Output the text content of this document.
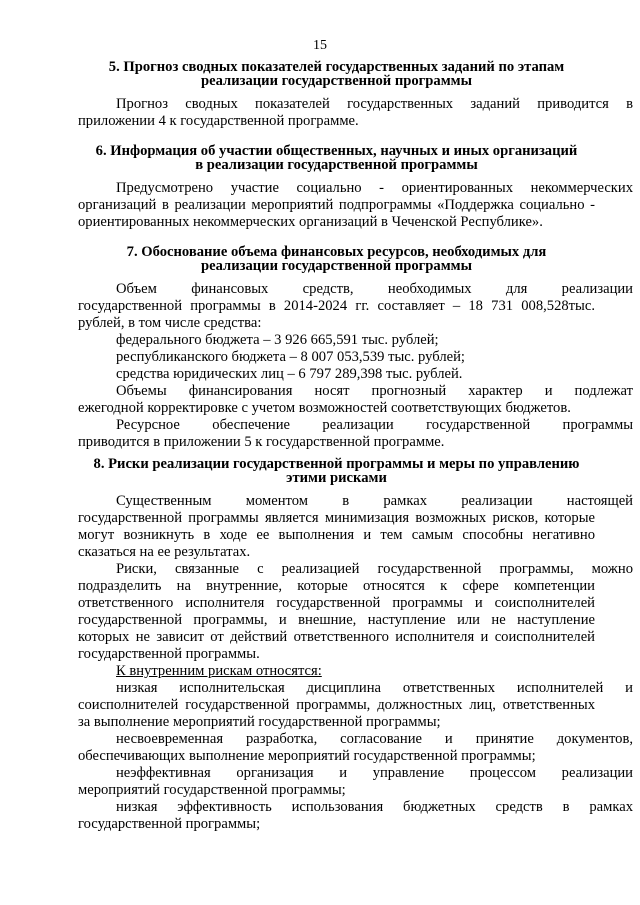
15
5. Прогноз сводных показателей государственных заданий по этапам
реализации государственной программы
Прогноз сводных показателей государственных заданий приводится в
приложении 4 к государственной программе.
6. Информация об участии общественных, научных и иных организаций
в реализации государственной программы
Предусмотрено участие социально - ориентированных некоммерческих
организаций в реализации мероприятий подпрограммы «Поддержка социально -
ориентированных некоммерческих организаций в Чеченской Республике».
7. Обоснование объема финансовых ресурсов, необходимых для
реализации государственной программы
Объем финансовых средств, необходимых для реализации
государственной программы в 2014-2024 гг. составляет – 18 731 008,528тыс.
рублей, в том числе средства:
федерального бюджета – 3 926 665,591 тыс. рублей;
республиканского бюджета – 8 007 053,539 тыс. рублей;
средства юридических лиц – 6 797 289,398 тыс. рублей.
Объемы финансирования носят прогнозный характер и подлежат
ежегодной корректировке с учетом возможностей соответствующих бюджетов.
Ресурсное обеспечение реализации государственной программы
приводится в приложении 5 к государственной программе.
8. Риски реализации государственной программы и меры по управлению
этими рисками
Существенным моментом в рамках реализации настоящей
государственной программы является минимизация возможных рисков, которые
могут возникнуть в ходе ее выполнения и тем самым способны негативно
сказаться на ее результатах.
Риски, связанные с реализацией государственной программы, можно
подразделить на внутренние, которые относятся к сфере компетенции
ответственного исполнителя государственной программы и соисполнителей
государственной программы, и внешние, наступление или не наступление
которых не зависит от действий ответственного исполнителя и соисполнителей
государственной программы.
К внутренним рискам относятся:
низкая исполнительская дисциплина ответственных исполнителей и
соисполнителей государственной программы, должностных лиц, ответственных
за выполнение мероприятий государственной программы;
несвоевременная разработка, согласование и принятие документов,
обеспечивающих выполнение мероприятий государственной программы;
неэффективная организация и управление процессом реализации
мероприятий государственной программы;
низкая эффективность использования бюджетных средств в рамках
государственной программы;
